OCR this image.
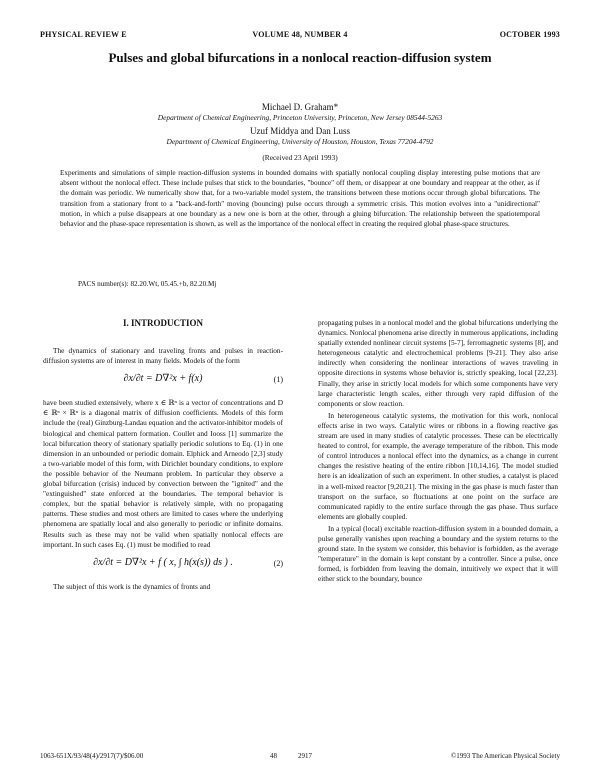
PHYSICAL REVIEW E	VOLUME 48, NUMBER 4	OCTOBER 1993
Pulses and global bifurcations in a nonlocal reaction-diffusion system
Michael D. Graham*
Department of Chemical Engineering, Princeton University, Princeton, New Jersey 08544-5263
Uzuf Middya and Dan Luss
Department of Chemical Engineering, University of Houston, Houston, Texas 77204-4792
(Received 23 April 1993)

Experiments and simulations of simple reaction-diffusion systems in bounded domains with spatially nonlocal coupling display interesting pulse motions that are absent without the nonlocal effect. These include pulses that stick to the boundaries, "bounce" off them, or disappear at one boundary and reappear at the other, as if the domain was periodic. We numerically show that, for a two-variable model system, the transitions between these motions occur through global bifurcations. The transition from a stationary front to a "back-and-forth" moving (bouncing) pulse occurs through a symmetric crisis. This motion evolves into a "unidirectional" motion, in which a pulse disappears at one boundary as a new one is born at the other, through a gluing bifurcation. The relationship between the spatiotemporal behavior and the phase-space representation is shown, as well as the importance of the nonlocal effect in creating the required global phase-space structures.

PACS number(s): 82.20.Wt, 05.45.+b, 82.20.Mj
I. INTRODUCTION

The dynamics of stationary and traveling fronts and pulses in reaction-diffusion systems are of interest in many fields. Models of the form

∂x/∂t = D∇²x + f(x)	(1)

have been studied extensively, where x ∈ ℝⁿ is a vector of concentrations and D ∈ ℝⁿ × ℝⁿ is a diagonal matrix of diffusion coefficients. Models of this form include the (real) Ginzburg-Landau equation and the activator-inhibitor models of biological and chemical pattern formation. Coullet and Iooss [1] summarize the local bifurcation theory of stationary spatially periodic solutions to Eq. (1) in one dimension in an unbounded or periodic domain. Elphick and Arneodo [2,3] study a two-variable model of this form, with Dirichlet boundary conditions, to explore the possible behavior of the Neumann problem. In particular they observe a global bifurcation (crisis) induced by convection between the "ignited" and the "extinguished" state enforced at the boundaries. The temporal behavior is complex, but the spatial behavior is relatively simple, with no propagating patterns. These studies and most others are limited to cases where the underlying phenomena are spatially local and also generally to periodic or infinite domains. Results such as these may not be valid when spatially nonlocal effects are important. In such cases Eq. (1) must be modified to read

∂x/∂t = D∇²x + f ( x, ∫ h(x(s)) ds ) .	(2)

The subject of this work is the dynamics of fronts and

propagating pulses in a nonlocal model and the global bifurcations underlying the dynamics. Nonlocal phenomena arise directly in numerous applications, including spatially extended nonlinear circuit systems [5-7], ferromagnetic systems [8], and heterogeneous catalytic and electrochemical problems [9-21]. They also arise indirectly when considering the nonlinear interactions of waves traveling in opposite directions in systems whose behavior is, strictly speaking, local [22,23]. Finally, they arise in strictly local models for which some components have very large characteristic length scales, either through very rapid diffusion of the components or slow reaction.

In heterogeneous catalytic systems, the motivation for this work, nonlocal effects arise in two ways. Catalytic wires or ribbons in a flowing reactive gas stream are used in many studies of catalytic processes. These can be electrically heated to control, for example, the average temperature of the ribbon. This mode of control introduces a nonlocal effect into the dynamics, as a change in current changes the resistive heating of the entire ribbon [10,14,16]. The model studied here is an idealization of such an experiment. In other studies, a catalyst is placed in a well-mixed reactor [9,20,21]. The mixing in the gas phase is much faster than transport on the surface, so fluctuations at one point on the surface are communicated rapidly to the entire surface through the gas phase. Thus surface elements are globally coupled.

In a typical (local) excitable reaction-diffusion system in a bounded domain, a pulse generally vanishes upon reaching a boundary and the system returns to the ground state. In the system we consider, this behavior is forbidden, as the average "temperature" in the domain is kept constant by a controller. Since a pulse, once formed, is forbidden from leaving the domain, intuitively we expect that it will either stick to the boundary, bounce

1063-651X/93/48(4)/2917(7)/$06.00	48	2917	©1993 The American Physical Society
